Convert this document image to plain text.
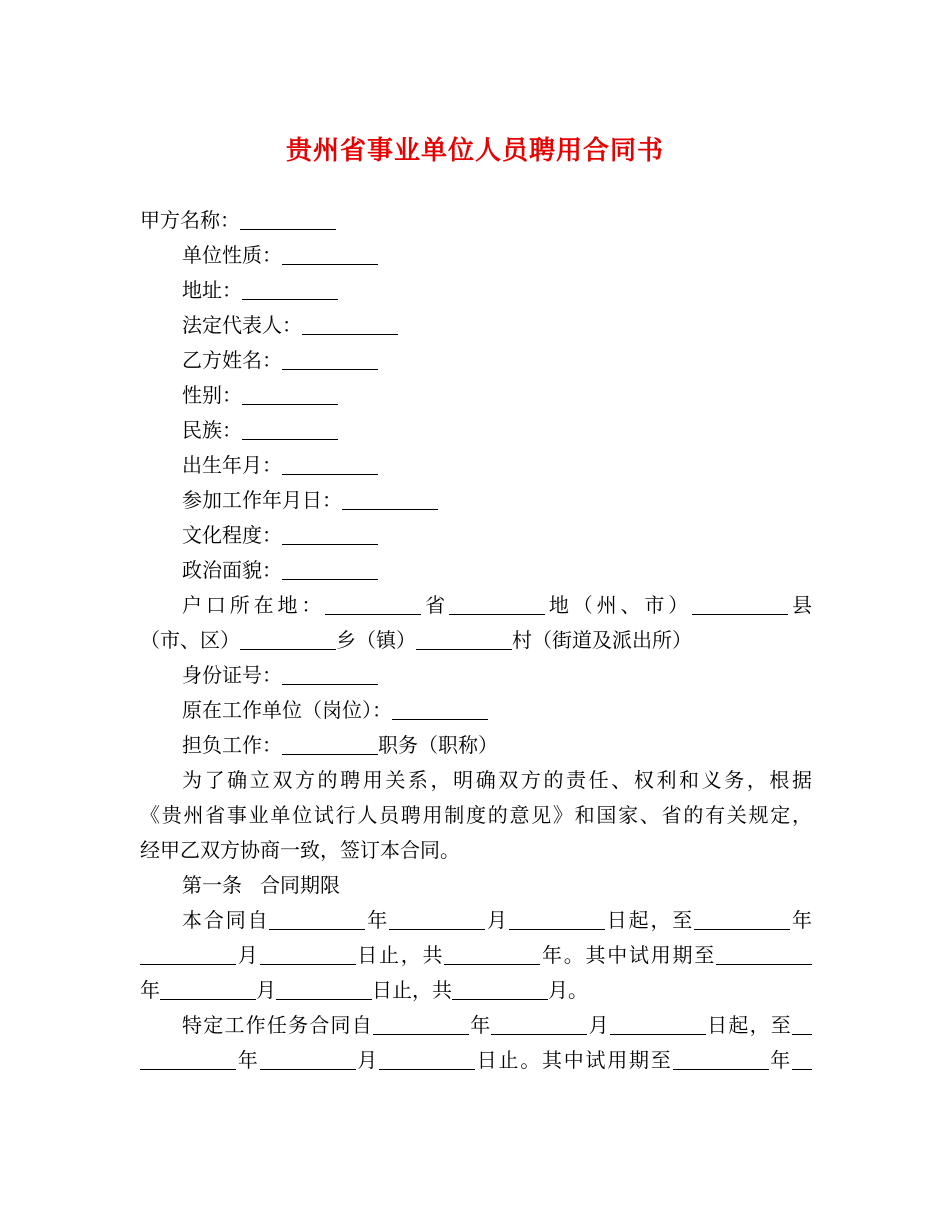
贵州省事业单位人员聘用合同书
甲方名称：
单位性质：
地址：
法定代表人：
乙方姓名：
性别：
民族：
出生年月：
参加工作年月日：
文化程度：
政治面貌：
户口所在地：	省	地（州、市）	县
（市、区）	乡（镇）	村（街道及派出所）
身份证号：
原在工作单位（岗位）：
担负工作：	职务（职称）
为了确立双方的聘用关系，明确双方的责任、权利和义务，根据
《贵州省事业单位试行人员聘用制度的意见》和国家、省的有关规定，
经甲乙双方协商一致，签订本合同。
第一条 合同期限
本合同自	年	月	日起，至	年
月	日止，共	年。其中试用期至
年	月	日止，共	月。
特定工作任务合同自	年	月	日起，至
年	月	日止。其中试用期至	年
